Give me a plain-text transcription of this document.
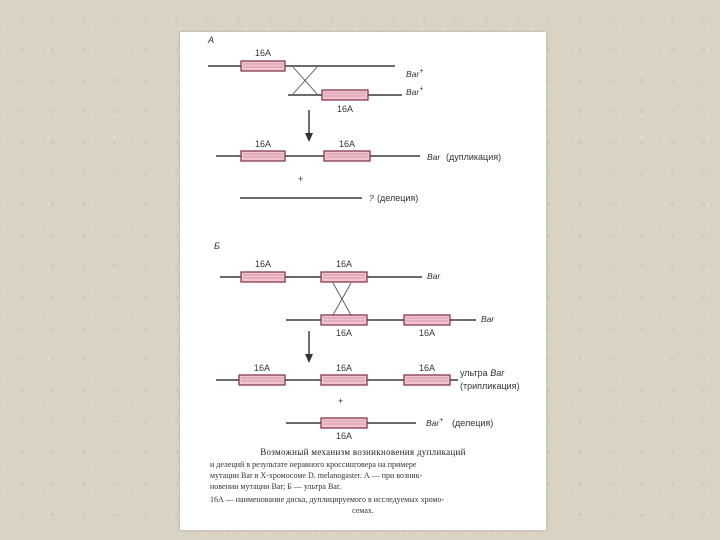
А
16A
Bar+
16A
Bar+
16A	16A
Bar (дупликация)
+
? (делеция)
Б
16A	16A
Bar
16A	16A
Bar
16A	16A	16A	ультра Bar
(трипликация)
+
16A
Bar+ (делеция)
Возможный механизм возникновения дупликаций
и делеций в результате неравного кроссинговера на примере
мутации Bar в X-хромосоме D. melanogaster. А — при возник-
новении мутации Bar; Б — ультра Bar.
16А — наименование диска, дуплицируемого в исследуемых хромо-
семах.
